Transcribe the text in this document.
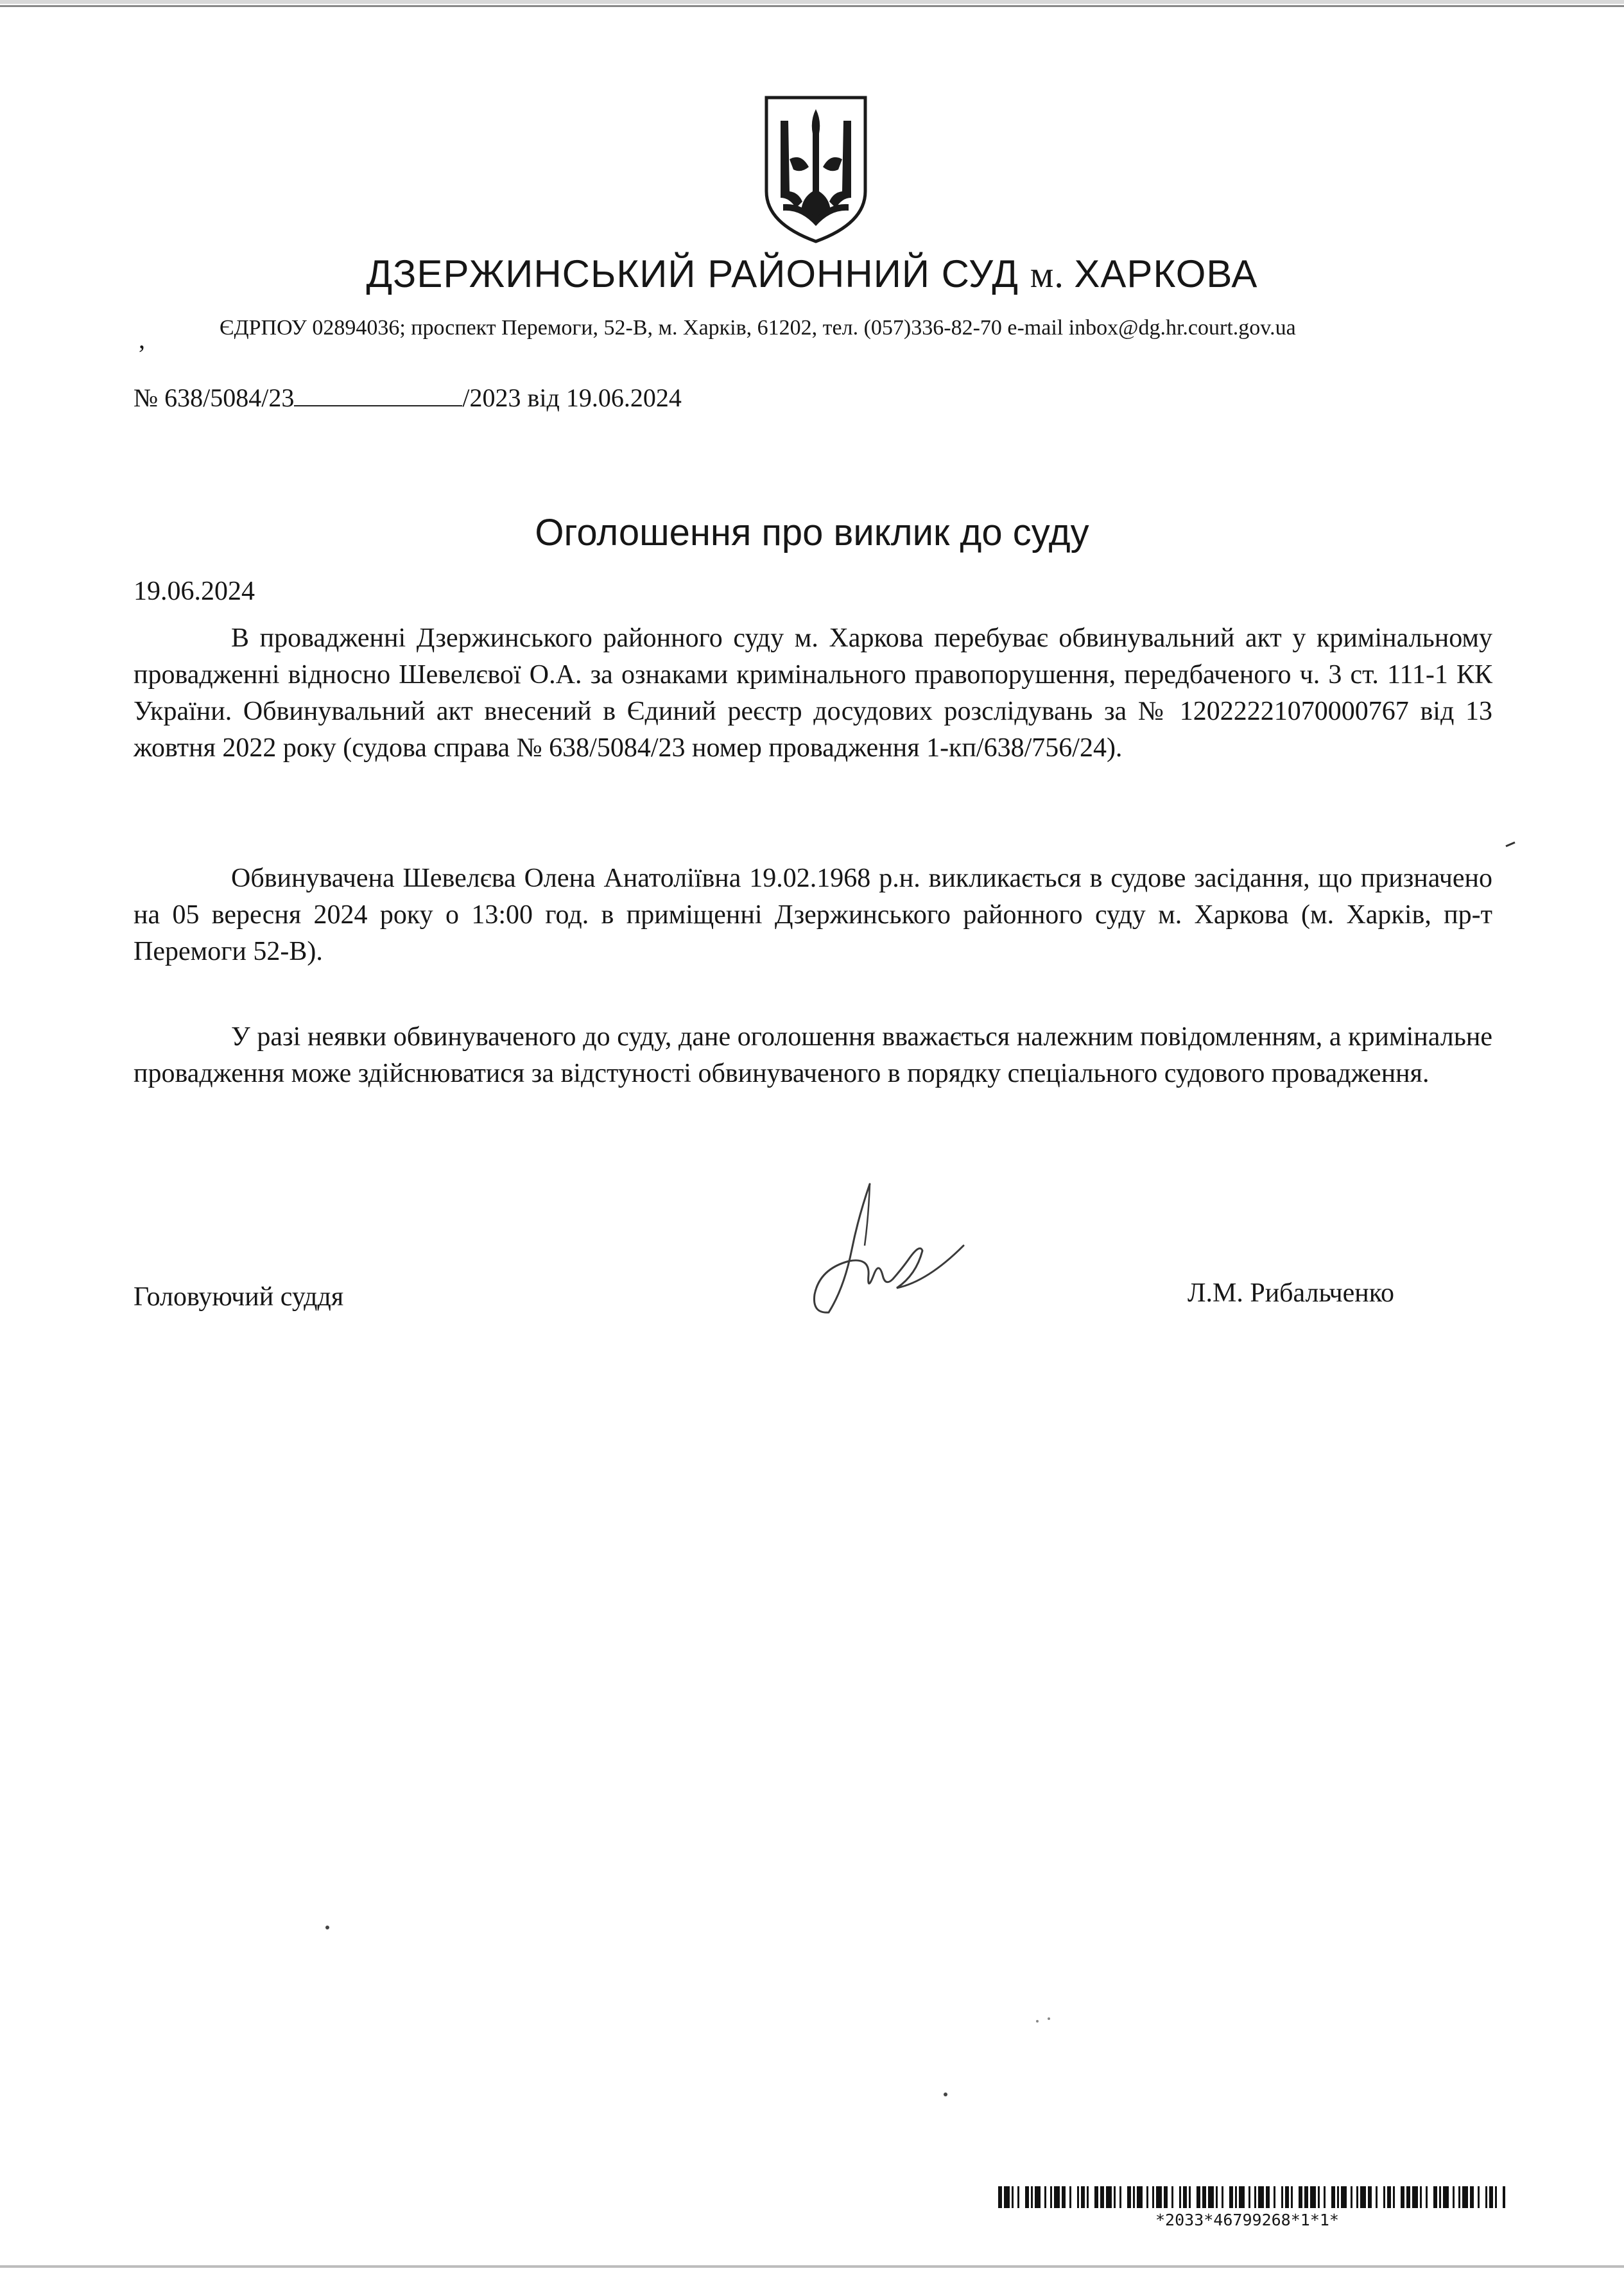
ДЗЕРЖИНСЬКИЙ РАЙОННИЙ СУД м. ХАРКОВА
,	ЄДРПОУ 02894036; проспект Перемоги, 52-В, м. Харків, 61202, тел. (057)336-82-70 e-mail inbox@dg.hr.court.gov.ua
№ 638/5084/23	/2023 від 19.06.2024
Оголошення про виклик до суду
19.06.2024

В провадженні Дзержинського районного суду м. Харкова перебуває обвинувальний акт у кримінальному провадженні відносно Шевелєвої О.А. за ознаками кримінального правопорушення, передбаченого ч. 3 ст. 111-1 КК України. Обвинувальний акт внесений в Єдиний реєстр досудових розслідувань за № 12022221070000767 від 13 жовтня 2022 року (судова справа № 638/5084/23 номер провадження 1-кп/638/756/24).

Обвинувачена Шевелєва Олена Анатоліївна 19.02.1968 р.н. викликається в судове засідання, що призначено на 05 вересня 2024 року о 13:00 год. в приміщенні Дзержинського районного суду м. Харкова (м. Харків, пр-т Перемоги 52-В).

У разі неявки обвинуваченого до суду, дане оголошення вважається належним повідомленням, а кримінальне провадження може здійснюватися за відстуності обвинуваченого в порядку спеціального судового провадження.

Головуючий суддя	Л.М. Рибальченко
*2033*46799268*1*1*
